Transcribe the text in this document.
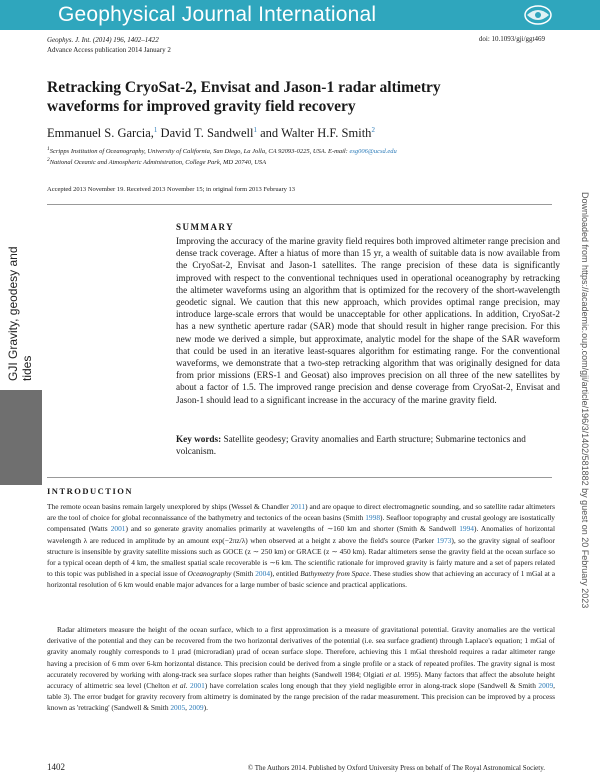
Geophysical Journal International
Geophys. J. Int. (2014) 196, 1402–1422
Advance Access publication 2014 January 2
doi: 10.1093/gji/ggt469
Retracking CryoSat-2, Envisat and Jason-1 radar altimetry waveforms for improved gravity field recovery
Emmanuel S. Garcia,$^1$ David T. Sandwell$^1$ and Walter H.F. Smith$^2$
$^1$Scripps Institution of Oceanography, University of California, San Diego, La Jolla, CA 92093-0225, USA. E-mail: esg006@ucsd.edu
$^2$National Oceanic and Atmospheric Administration, College Park, MD 20740, USA
Accepted 2013 November 19. Received 2013 November 15; in original form 2013 February 13
GJI Gravity, geodesy and tides	Downloaded from https://academic.oup.com/gji/article/196/3/1402/581882 by guest on 20 February 2023
SUMMARY

Improving the accuracy of the marine gravity field requires both improved altimeter range precision and dense track coverage. After a hiatus of more than 15 yr, a wealth of suitable data is now available from the CryoSat-2, Envisat and Jason-1 satellites. The range precision of these data is significantly improved with respect to the conventional techniques used in operational oceanography by retracking the altimeter waveforms using an algorithm that is optimized for the recovery of the short-wavelength geodetic signal. We caution that this new approach, which provides optimal range precision, may introduce large-scale errors that would be unacceptable for other applications. In addition, CryoSat-2 has a new synthetic aperture radar (SAR) mode that should result in higher range precision. For this new mode we derived a simple, but approximate, analytic model for the shape of the SAR waveform that could be used in an iterative least-squares algorithm for estimating range. For the conventional waveforms, we demonstrate that a two-step retracking algorithm that was originally designed for data from prior missions (ERS-1 and Geosat) also improves precision on all three of the new satellites by about a factor of 1.5. The improved range precision and dense coverage from CryoSat-2, Envisat and Jason-1 should lead to a significant increase in the accuracy of the marine gravity field.

Key words: Satellite geodesy; Gravity anomalies and Earth structure; Submarine tectonics and volcanism.

INTRODUCTION

The remote ocean basins remain largely unexplored by ships (Wessel & Chandler 2011) and are opaque to direct electromagnetic sounding, and so satellite radar altimeters are the tool of choice for global reconnaissance of the bathymetry and tectonics of the ocean basins (Smith 1998). Seafloor topography and crustal geology are isostatically compensated (Watts 2001) and so generate gravity anomalies primarily at wavelengths of ∼160 km and shorter (Smith & Sandwell 1994). Anomalies of horizontal wavelength λ are reduced in amplitude by an amount exp(−2πz/λ) when observed at a height z above the field's source (Parker 1973), so the gravity signal of seafloor structure is insensible by gravity satellite missions such as GOCE (z ∼ 250 km) or GRACE (z ∼ 450 km). Radar altimeters sense the gravity field at the ocean surface so for a typical ocean depth of 4 km, the smallest spatial scale recoverable is ∼6 km. The scientific rationale for improved gravity is fairly mature and a set of papers related to this topic was published in a special issue of Oceanography (Smith 2004), entitled Bathymetry from Space. These studies show that achieving an accuracy of 1 mGal at a horizontal resolution of 6 km would enable major advances for a large number of basic science and practical applications.

Radar altimeters measure the height of the ocean surface, which to a first approximation is a measure of gravitational potential. Gravity anomalies are the vertical derivative of the potential and they can be recovered from the two horizontal derivatives of the potential (i.e. sea surface gradient) through Laplace's equation; 1 mGal of gravity anomaly roughly corresponds to 1 μrad (microradian) μrad of ocean surface slope. Therefore, achieving this 1 mGal threshold requires a radar altimeter range having a precision of 6 mm over 6-km horizontal distance. This precision could be derived from a single profile or a stack of repeated profiles. The gravity signal is most accurately recovered by working with along-track sea surface slopes rather than heights (Sandwell 1984; Olgiati et al. 1995). Many factors that affect the absolute height accuracy of altimetric sea level (Chelton et al. 2001) have correlation scales long enough that they yield negligible error in along-track slope (Sandwell & Smith 2009, table 3). The error budget for gravity recovery from altimetry is dominated by the range precision of the radar measurement. This precision can be improved by a process known as 'retracking' (Sandwell & Smith 2005, 2009).

1402	© The Authors 2014. Published by Oxford University Press on behalf of The Royal Astronomical Society.
